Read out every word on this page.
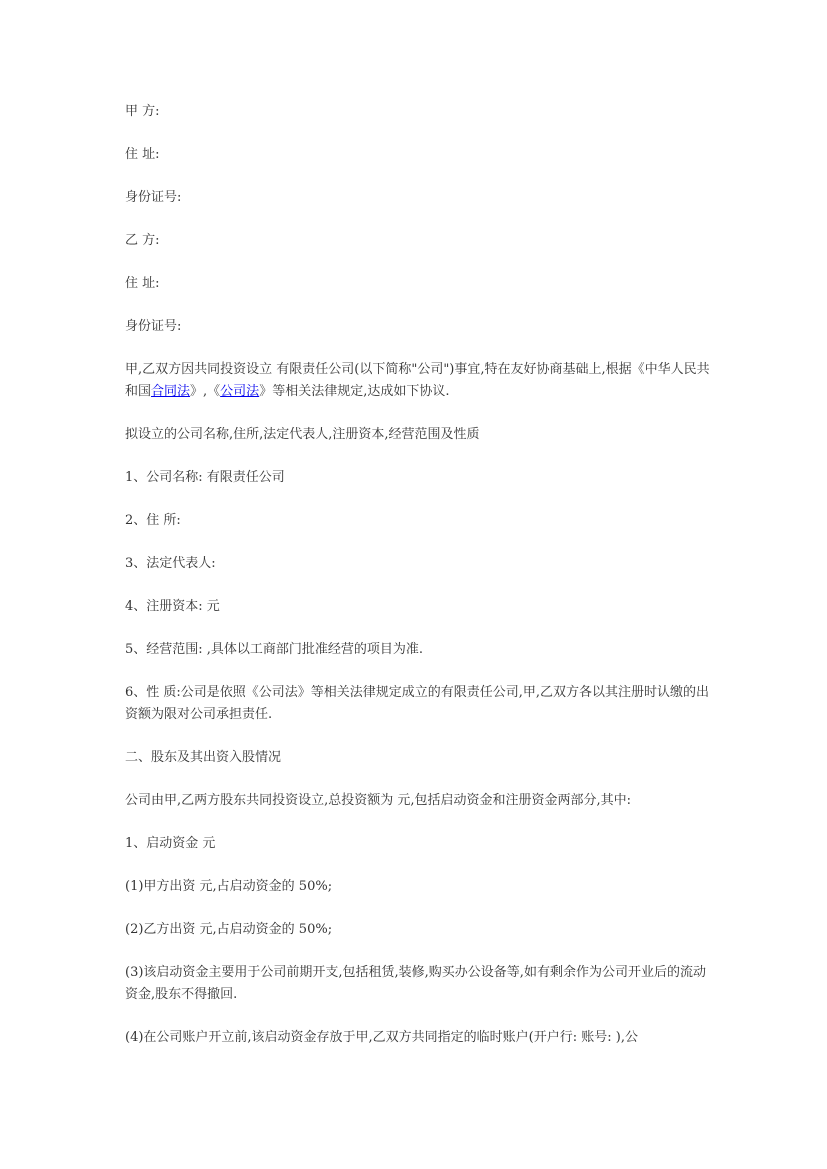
甲 方:

住 址:

身份证号:

乙 方:

住 址:

身份证号:

甲,乙双方因共同投资设立 有限责任公司(以下简称"公司")事宜,特在友好协商基础上,根据《中华人民共和国合同法》,《公司法》等相关法律规定,达成如下协议.

拟设立的公司名称,住所,法定代表人,注册资本,经营范围及性质

1、公司名称: 有限责任公司

2、住 所:

3、法定代表人:

4、注册资本: 元

5、经营范围: ,具体以工商部门批准经营的项目为准.

6、性 质:公司是依照《公司法》等相关法律规定成立的有限责任公司,甲,乙双方各以其注册时认缴的出资额为限对公司承担责任.

二、股东及其出资入股情况

公司由甲,乙两方股东共同投资设立,总投资额为 元,包括启动资金和注册资金两部分,其中:

1、启动资金 元

(1)甲方出资 元,占启动资金的 50%;

(2)乙方出资 元,占启动资金的 50%;

(3)该启动资金主要用于公司前期开支,包括租赁,装修,购买办公设备等,如有剩余作为公司开业后的流动资金,股东不得撤回.

(4)在公司账户开立前,该启动资金存放于甲,乙双方共同指定的临时账户(开户行: 账号: ),公
